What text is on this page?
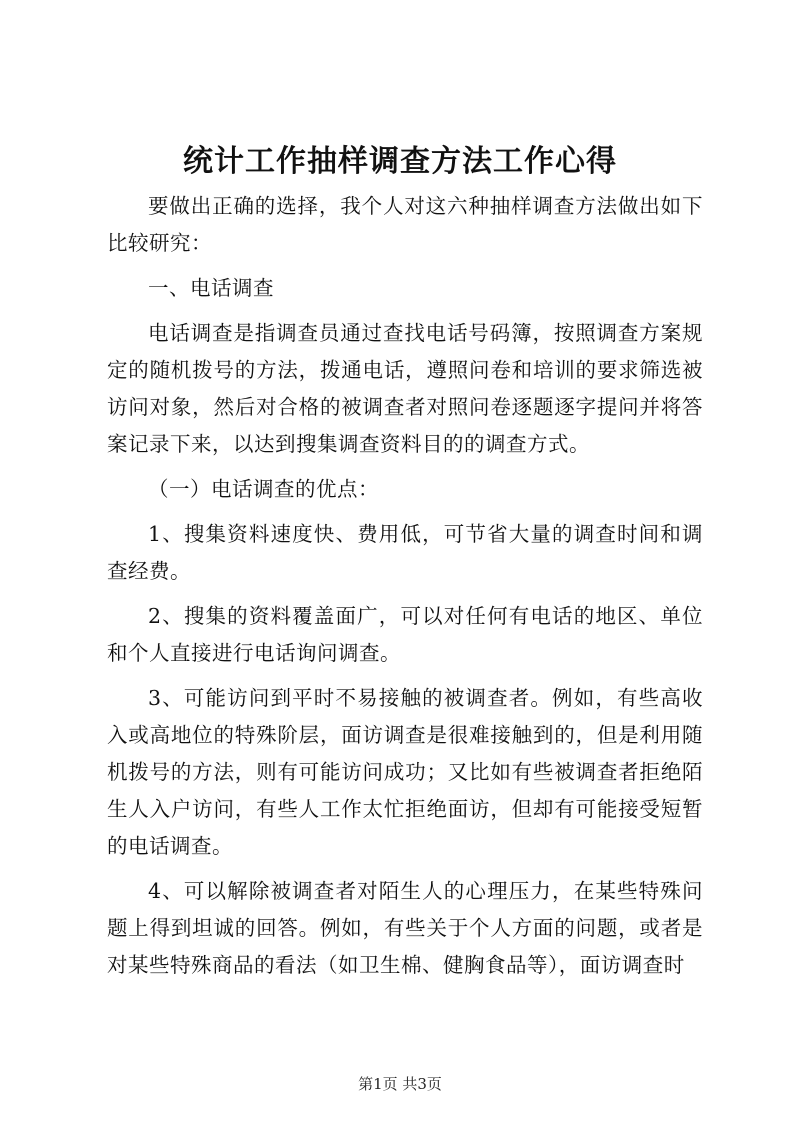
统计工作抽样调查方法工作心得

要做出正确的选择，我个人对这六种抽样调查方法做出如下比较研究：

一、电话调查

电话调查是指调查员通过查找电话号码簿，按照调查方案规定的随机拨号的方法，拨通电话，遵照问卷和培训的要求筛选被访问对象，然后对合格的被调查者对照问卷逐题逐字提问并将答案记录下来，以达到搜集调查资料目的的调查方式。

（一）电话调查的优点：

1、搜集资料速度快、费用低，可节省大量的调查时间和调查经费。

2、搜集的资料覆盖面广，可以对任何有电话的地区、单位和个人直接进行电话询问调查。

3、可能访问到平时不易接触的被调查者。例如，有些高收入或高地位的特殊阶层，面访调查是很难接触到的，但是利用随机拨号的方法，则有可能访问成功；又比如有些被调查者拒绝陌生人入户访问，有些人工作太忙拒绝面访，但却有可能接受短暂的电话调查。

4、可以解除被调查者对陌生人的心理压力，在某些特殊问题上得到坦诚的回答。例如，有些关于个人方面的问题，或者是对某些特殊商品的看法（如卫生棉、健胸食品等），面访调查时

第1页 共3页
